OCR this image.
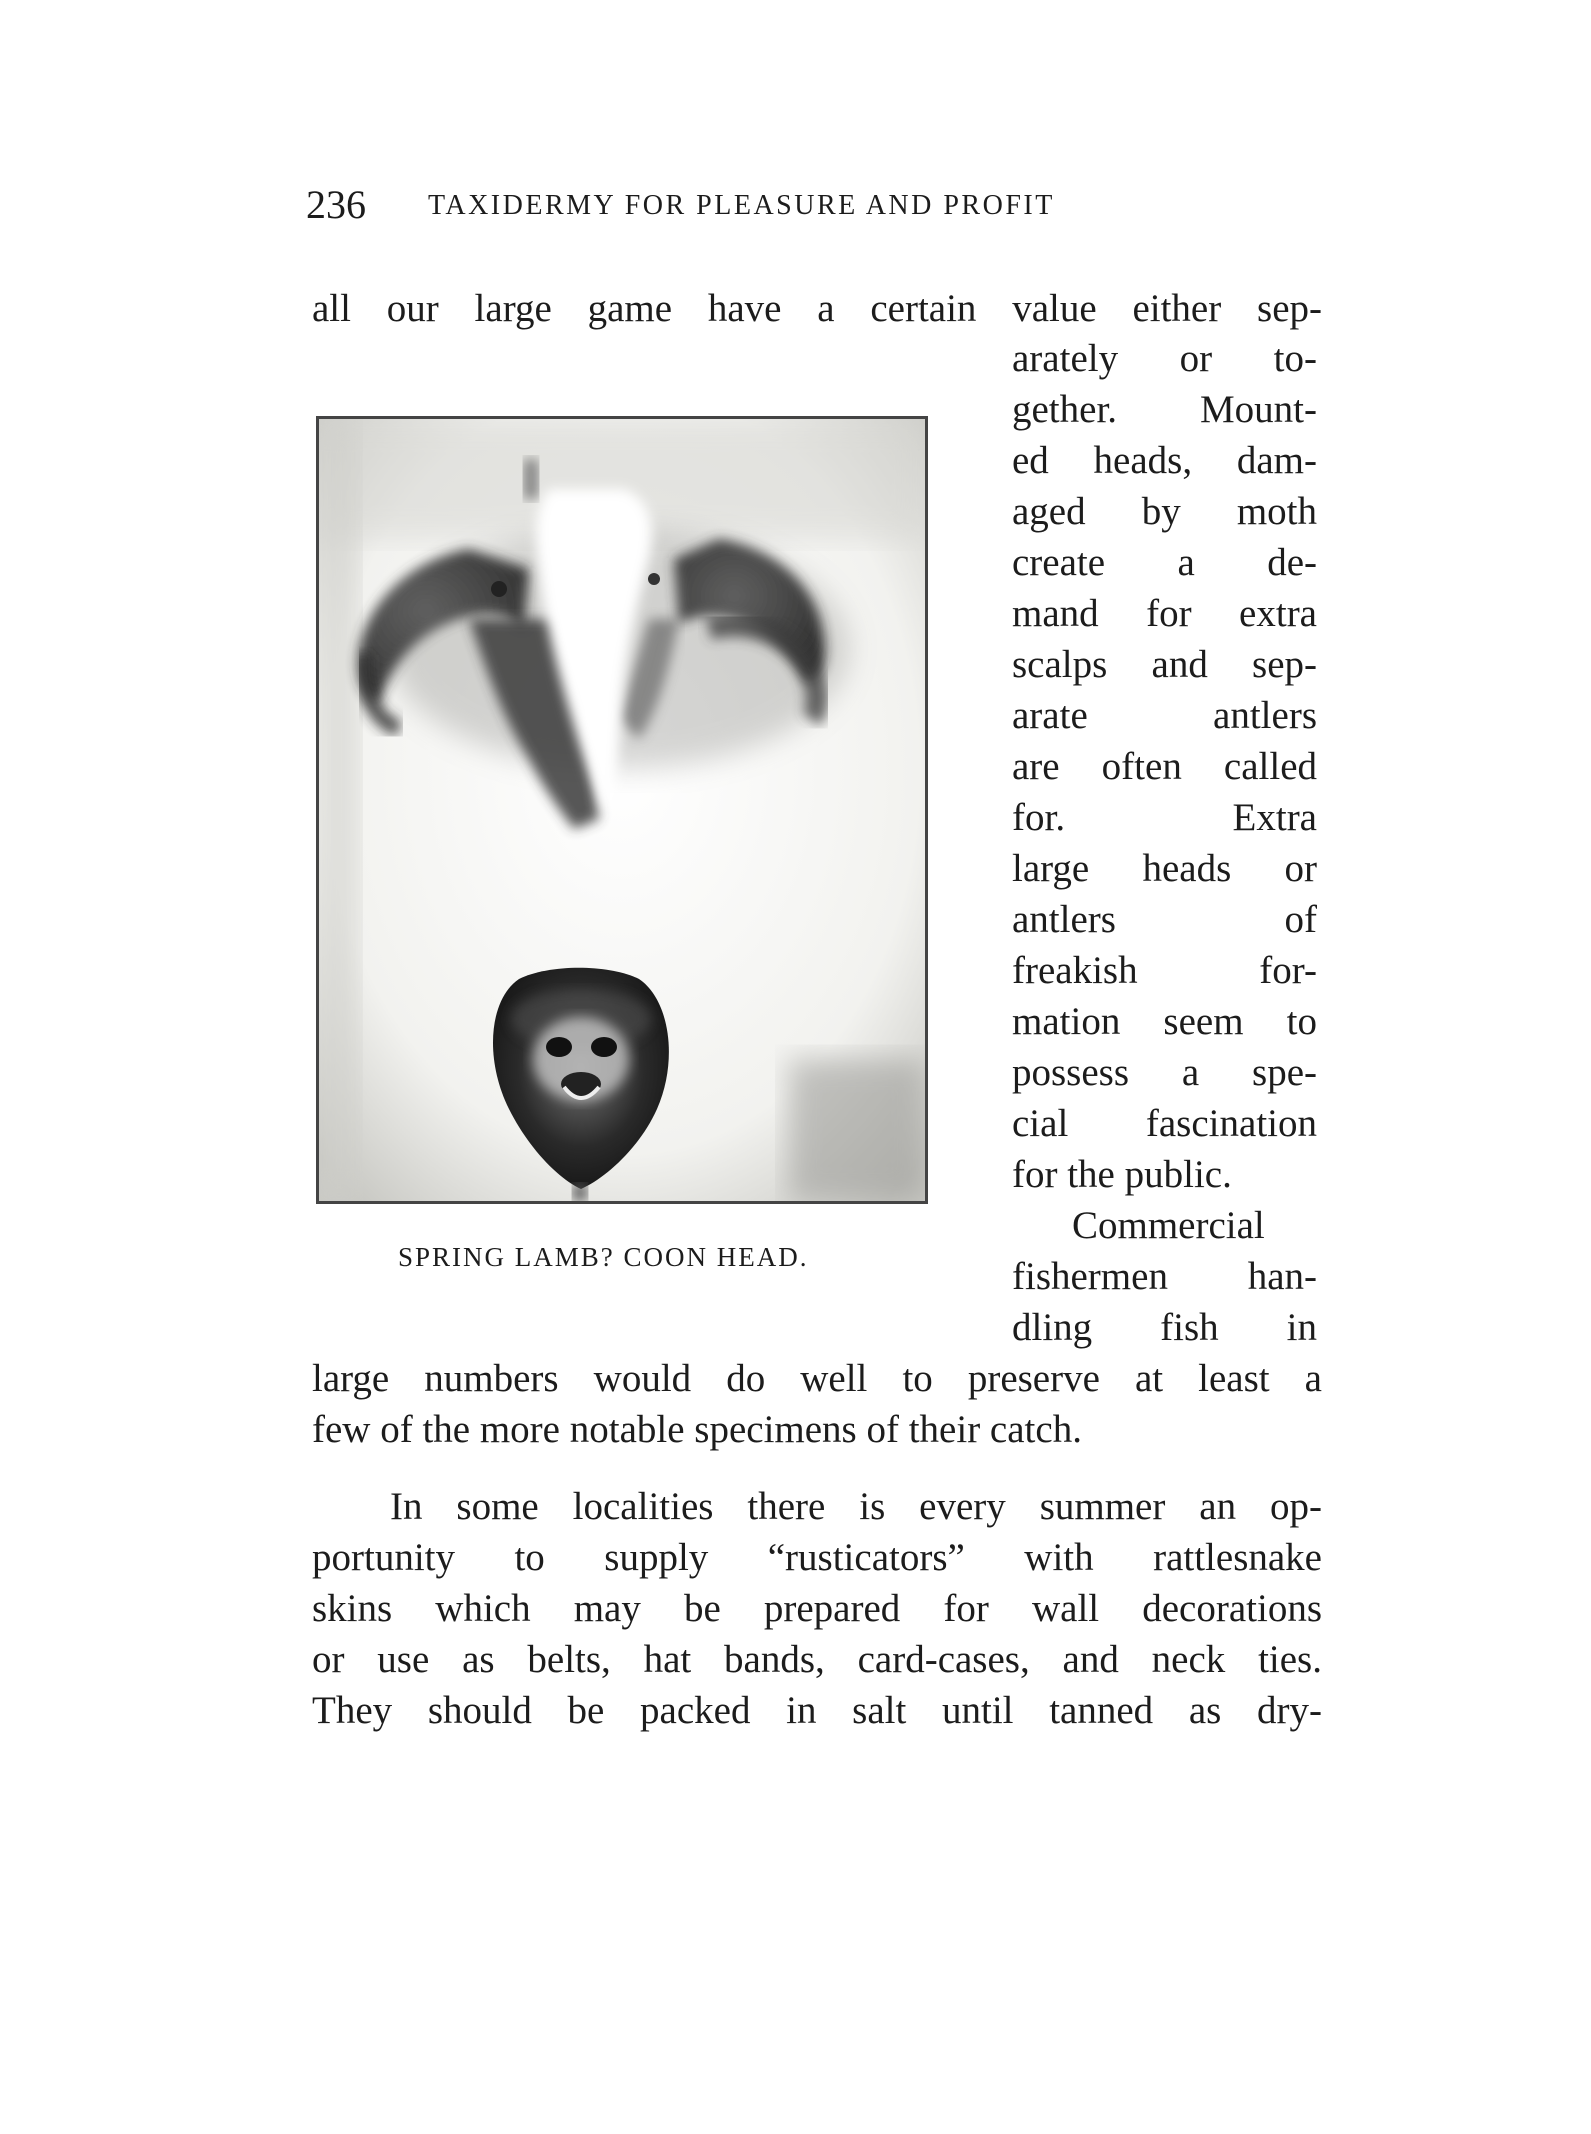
236 TAXIDERMY FOR PLEASURE AND PROFIT
all our large game have a certain value either sep-
arately or to-
gether. Mount-
ed heads, dam-
aged by moth
create a de-
mand for extra
scalps and sep-
arate antlers
are often called
for. Extra
large heads or
antlers of
freakish for-
mation seem to
possess a spe-
cial fascination
for the public.
Commercial
fishermen han-
dling fish in
SPRING LAMB? COON HEAD.
large numbers would do well to preserve at least a
few of the more notable specimens of their catch.
In some localities there is every summer an op-
portunity to supply “rusticators” with rattlesnake
skins which may be prepared for wall decorations
or use as belts, hat bands, card-cases, and neck ties.
They should be packed in salt until tanned as dry-
